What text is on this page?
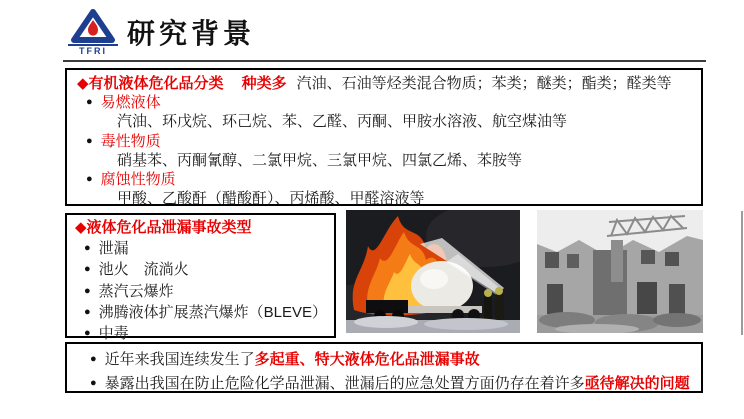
TFRI
研究背景

◆有机液体危化品分类 种类多 汽油、石油等烃类混合物质；苯类；醚类；酯类；醛类等

● 易燃液体

汽油、环戊烷、环己烷、苯、乙醛、丙酮、甲胺水溶液、航空煤油等

● 毒性物质

硝基苯、丙酮氰醇、二氯甲烷、三氯甲烷、四氯乙烯、苯胺等

● 腐蚀性物质

甲酸、乙酸酐（醋酸酐）、丙烯酸、甲醛溶液等

◆液体危化品泄漏事故类型

● 泄漏

● 池火　流淌火

● 蒸汽云爆炸

● 沸腾液体扩展蒸汽爆炸（BLEVE）

● 中毒

● 近年来我国连续发生了多起重、特大液体危化品泄漏事故

● 暴露出我国在防止危险化学品泄漏、泄漏后的应急处置方面仍存在着许多亟待解决的问题
